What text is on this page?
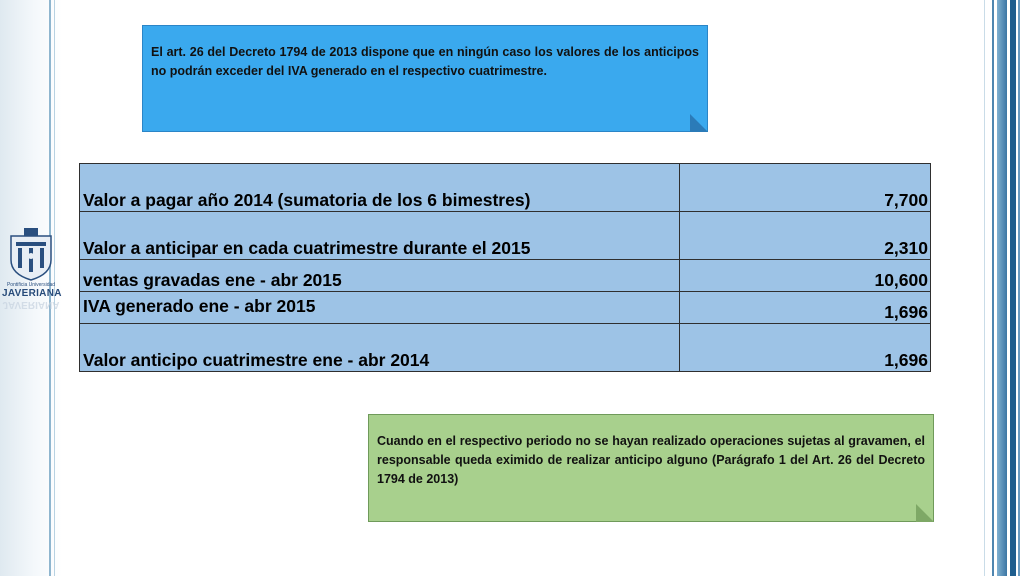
Pontificia Universidad
JAVERIANA
JAVERIANA
El art. 26 del Decreto 1794 de 2013 dispone que en ningún caso los valores de los anticipos no podrán exceder del IVA generado en el respectivo cuatrimestre.
Valor a pagar año 2014 (sumatoria de los 6 bimestres)	7,700
Valor a anticipar en cada cuatrimestre durante el 2015	2,310
ventas gravadas ene - abr 2015	10,600
IVA generado ene - abr 2015	1,696
Valor anticipo cuatrimestre ene - abr 2014	1,696
Cuando en el respectivo periodo no se hayan realizado operaciones sujetas al gravamen, el responsable queda eximido de realizar anticipo alguno (Parágrafo 1 del Art. 26 del Decreto 1794 de 2013)
